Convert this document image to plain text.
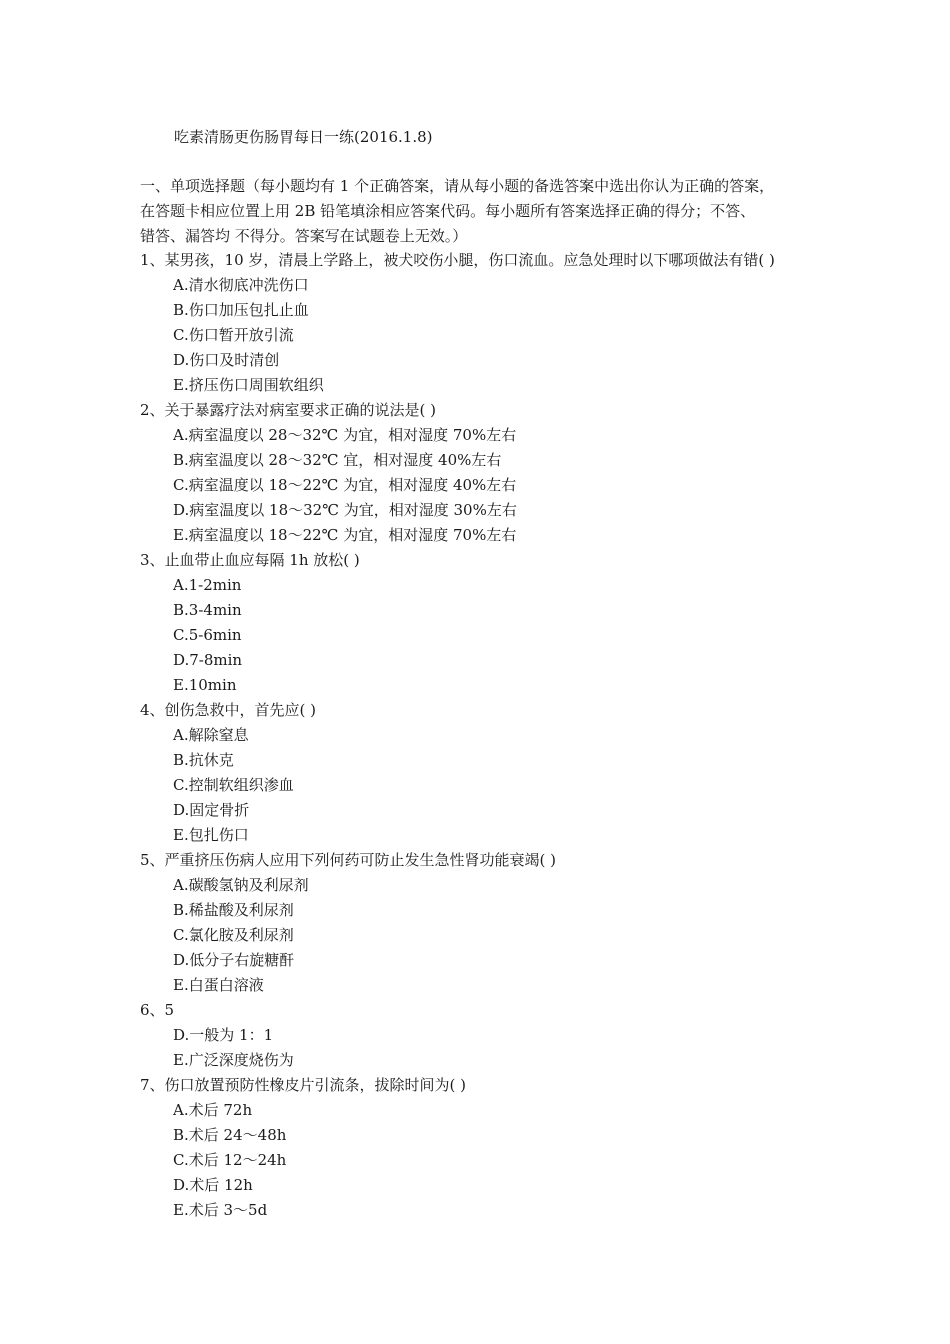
吃素清肠更伤肠胃每日一练(2016.1.8)

一、单项选择题（每小题均有 1 个正确答案，请从每小题的备选答案中选出你认为正确的答案，
在答题卡相应位置上用 2B 铅笔填涂相应答案代码。每小题所有答案选择正确的得分；不答、
错答、漏答均 不得分。答案写在试题卷上无效。）

1、某男孩，10 岁，清晨上学路上，被犬咬伤小腿，伤口流血。应急处理时以下哪项做法有错( )
A.清水彻底冲洗伤口
B.伤口加压包扎止血
C.伤口暂开放引流
D.伤口及时清创
E.挤压伤口周围软组织
2、关于暴露疗法对病室要求正确的说法是( )
A.病室温度以 28～32℃ 为宜，相对湿度 70%左右
B.病室温度以 28～32℃ 宜，相对湿度 40%左右
C.病室温度以 18～22℃ 为宜，相对湿度 40%左右
D.病室温度以 18～32℃ 为宜，相对湿度 30%左右
E.病室温度以 18～22℃ 为宜，相对湿度 70%左右
3、止血带止血应每隔 1h 放松( )
A.1-2min
B.3-4min
C.5-6min
D.7-8min
E.10min
4、创伤急救中，首先应( )
A.解除窒息
B.抗休克
C.控制软组织渗血
D.固定骨折
E.包扎伤口
5、严重挤压伤病人应用下列何药可防止发生急性肾功能衰竭( )
A.碳酸氢钠及利尿剂
B.稀盐酸及利尿剂
C.氯化胺及利尿剂
D.低分子右旋糖酐
E.白蛋白溶液
6、5
D.一般为 1：1
E.广泛深度烧伤为
7、伤口放置预防性橡皮片引流条，拔除时间为( )
A.术后 72h
B.术后 24～48h
C.术后 12～24h
D.术后 12h
E.术后 3～5d
